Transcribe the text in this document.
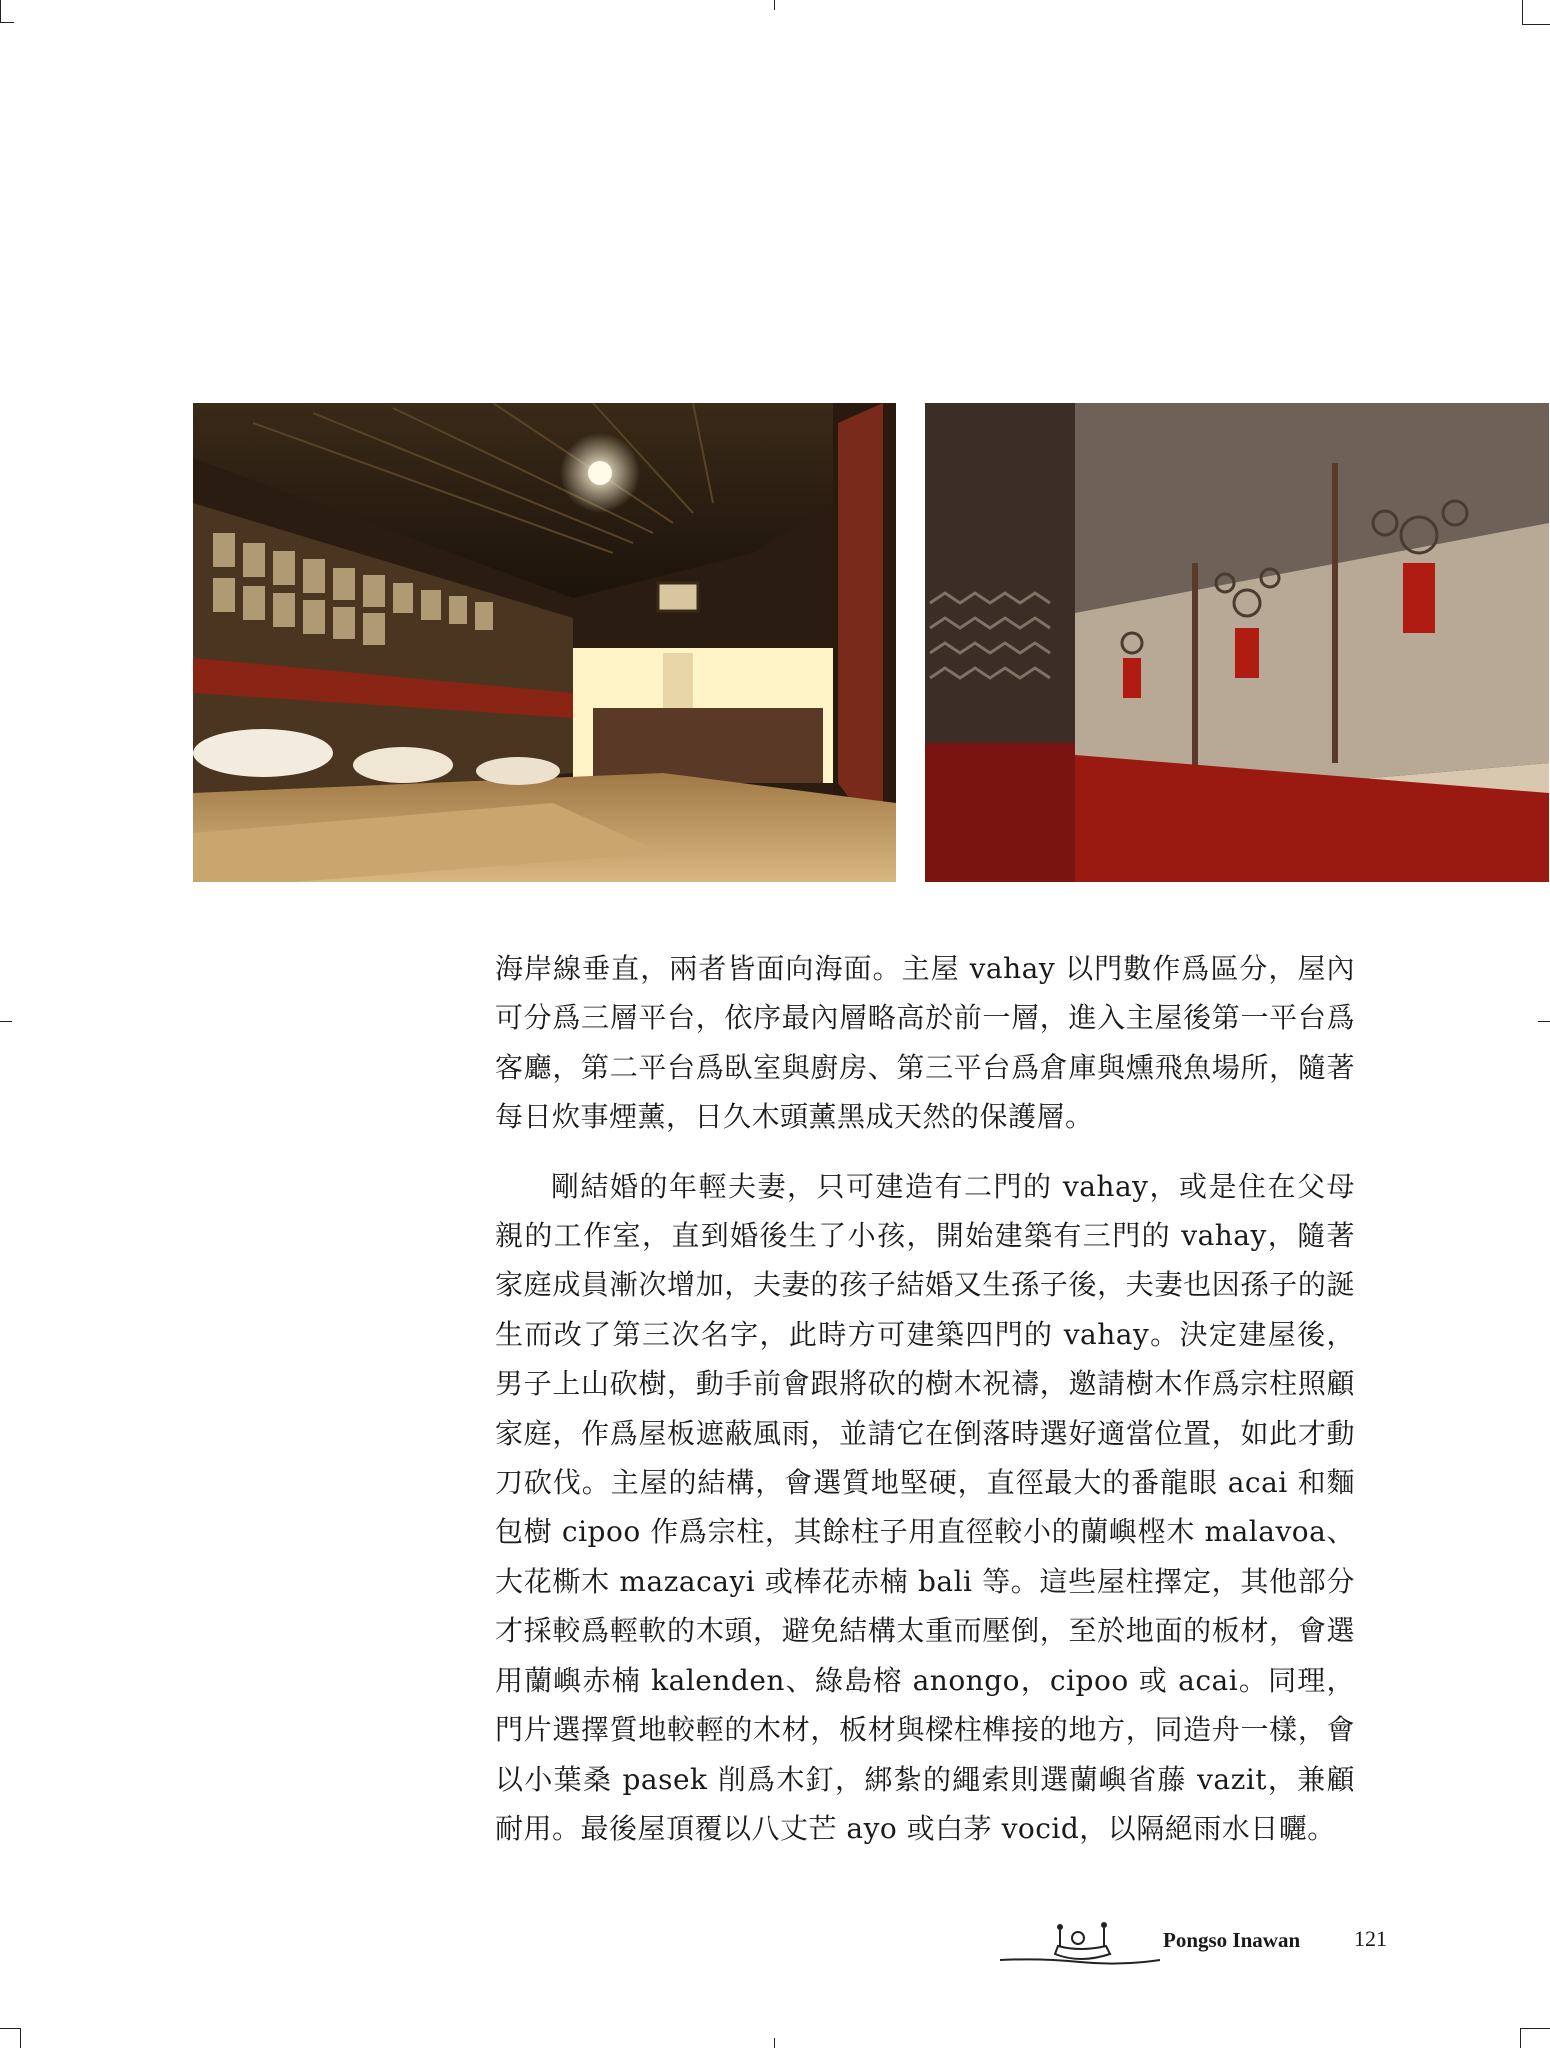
海岸線垂直，兩者皆面向海面。主屋 vahay 以門數作爲區分，屋內可分爲三層平台，依序最內層略高於前一層，進入主屋後第一平台爲客廳，第二平台爲臥室與廚房、第三平台爲倉庫與燻飛魚場所，隨著每日炊事煙薰，日久木頭薰黑成天然的保護層。

剛結婚的年輕夫妻，只可建造有二門的 vahay，或是住在父母親的工作室，直到婚後生了小孩，開始建築有三門的 vahay，隨著家庭成員漸次增加，夫妻的孩子結婚又生孫子後，夫妻也因孫子的誕生而改了第三次名字，此時方可建築四門的 vahay。決定建屋後，男子上山砍樹，動手前會跟將砍的樹木祝禱，邀請樹木作爲宗柱照顧家庭，作爲屋板遮蔽風雨，並請它在倒落時選好適當位置，如此才動刀砍伐。主屋的結構，會選質地堅硬，直徑最大的番龍眼 acai 和麵包樹 cipoo 作爲宗柱，其餘柱子用直徑較小的蘭嶼㭴木 malavoa、大花㯕木 mazacayi 或棒花赤楠 bali 等。這些屋柱擇定，其他部分才採較爲輕軟的木頭，避免結構太重而壓倒，至於地面的板材，會選用蘭嶼赤楠 kalenden、綠島榕 anongo，cipoo 或 acai。同理，門片選擇質地較輕的木材，板材與樑柱榫接的地方，同造舟一樣，會以小葉桑 pasek 削爲木釘，綁紮的繩索則選蘭嶼省藤 vazit，兼顧耐用。最後屋頂覆以八丈芒 ayo 或白茅 vocid，以隔絕雨水日曬。

Pongso Inawan 121
